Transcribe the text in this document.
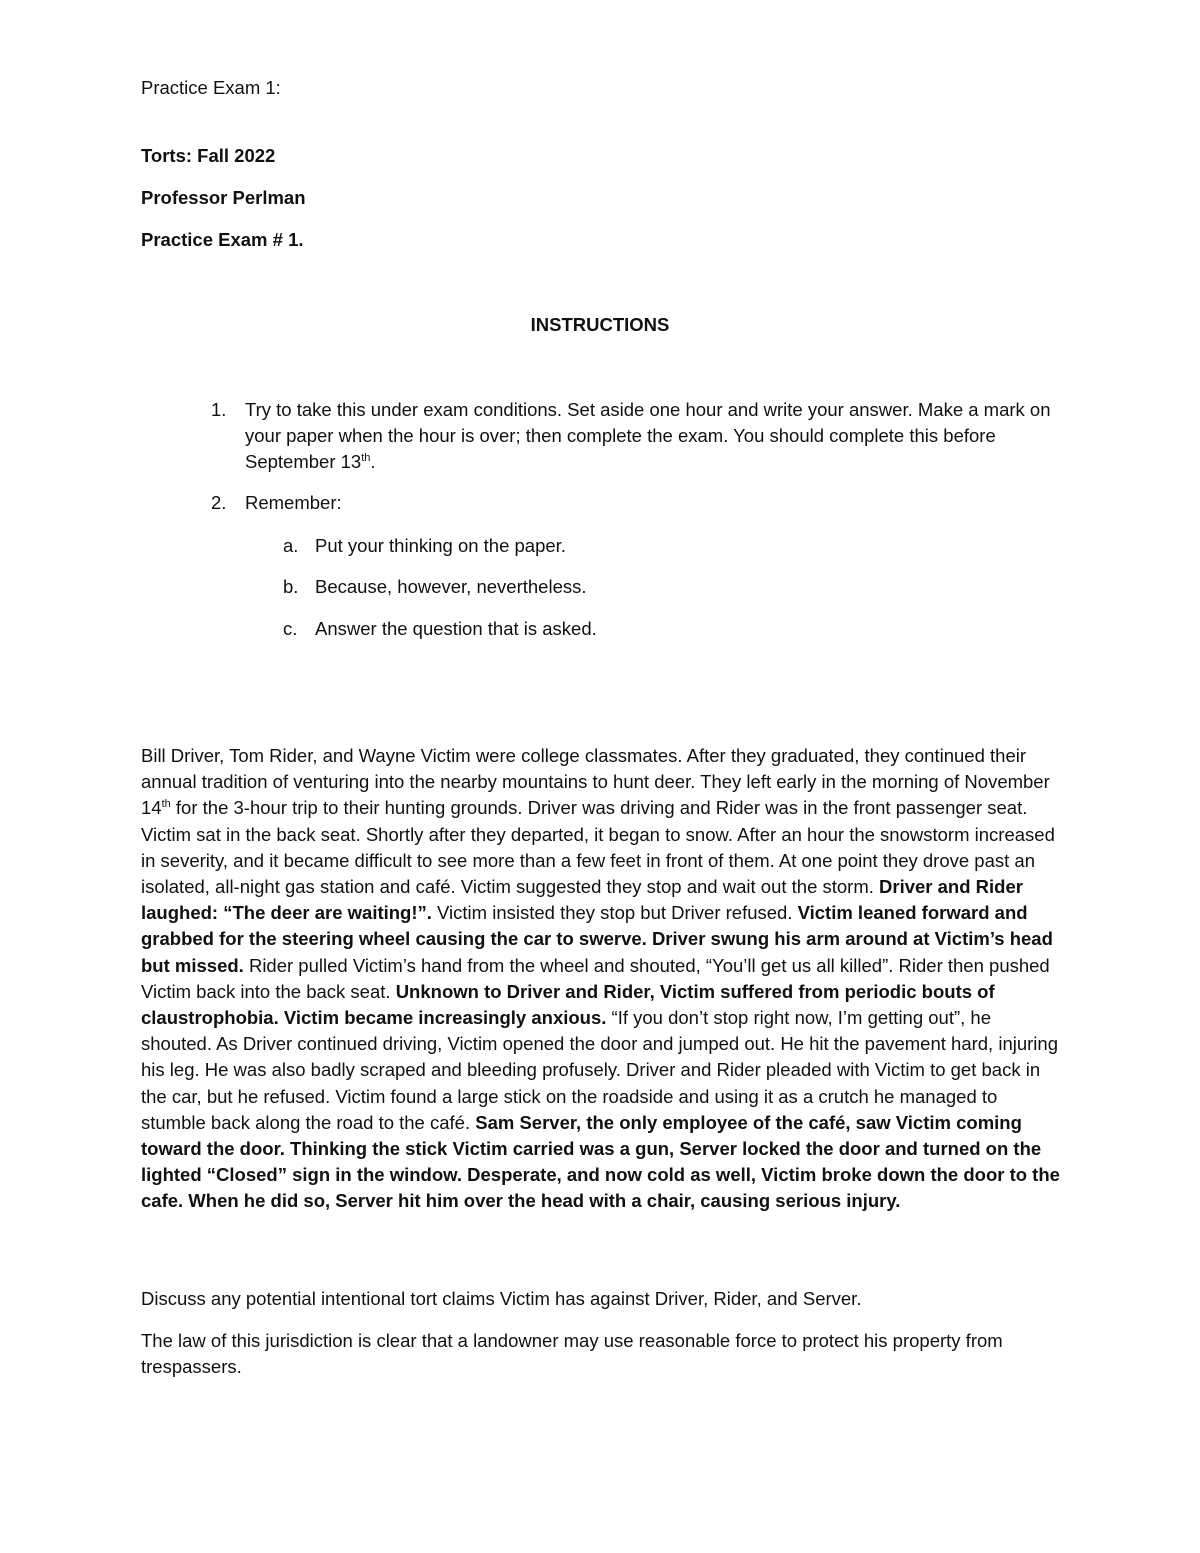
Practice Exam 1:

Torts: Fall 2022

Professor Perlman

Practice Exam # 1.

INSTRUCTIONS

1.	Try to take this under exam conditions. Set aside one hour and write your answer. Make a mark on your paper when the hour is over; then complete the exam. You should complete this before September 13th.
2.	Remember:
a. Put your thinking on the paper.
b. Because, however, nevertheless.
c. Answer the question that is asked.

Bill Driver, Tom Rider, and Wayne Victim were college classmates. After they graduated, they continued their annual tradition of venturing into the nearby mountains to hunt deer. They left early in the morning of November 14th for the 3-hour trip to their hunting grounds. Driver was driving and Rider was in the front passenger seat. Victim sat in the back seat. Shortly after they departed, it began to snow. After an hour the snowstorm increased in severity, and it became difficult to see more than a few feet in front of them. At one point they drove past an isolated, all-night gas station and café. Victim suggested they stop and wait out the storm. Driver and Rider laughed: “The deer are waiting!”. Victim insisted they stop but Driver refused. Victim leaned forward and grabbed for the steering wheel causing the car to swerve. Driver swung his arm around at Victim’s head but missed. Rider pulled Victim’s hand from the wheel and shouted, “You’ll get us all killed”. Rider then pushed Victim back into the back seat. Unknown to Driver and Rider, Victim suffered from periodic bouts of claustrophobia. Victim became increasingly anxious. “If you don’t stop right now, I’m getting out”, he shouted. As Driver continued driving, Victim opened the door and jumped out. He hit the pavement hard, injuring his leg. He was also badly scraped and bleeding profusely. Driver and Rider pleaded with Victim to get back in the car, but he refused. Victim found a large stick on the roadside and using it as a crutch he managed to stumble back along the road to the café. Sam Server, the only employee of the café, saw Victim coming toward the door. Thinking the stick Victim carried was a gun, Server locked the door and turned on the lighted “Closed” sign in the window. Desperate, and now cold as well, Victim broke down the door to the cafe. When he did so, Server hit him over the head with a chair, causing serious injury.

Discuss any potential intentional tort claims Victim has against Driver, Rider, and Server.

The law of this jurisdiction is clear that a landowner may use reasonable force to protect his property from trespassers.
